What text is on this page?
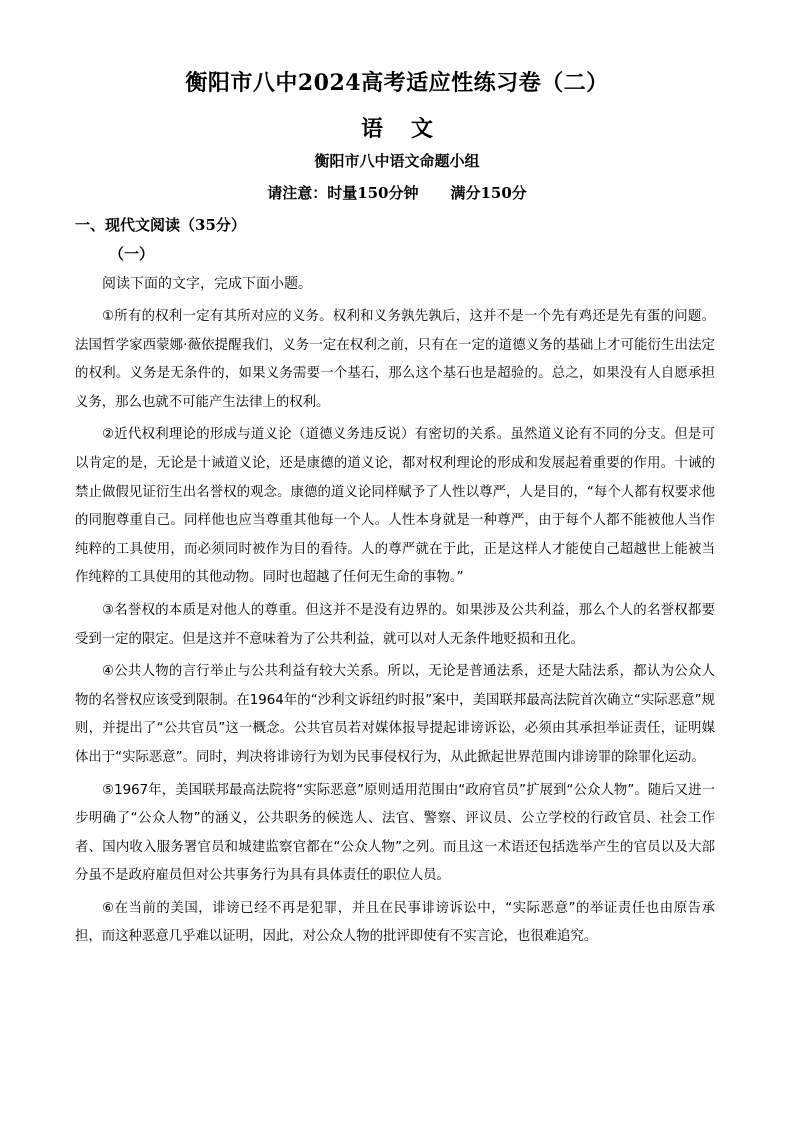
衡阳市八中2024高考适应性练习卷（二）
语文
衡阳市八中语文命题小组
请注意：时量150分钟 满分150分
一、现代文阅读（35分）
（一）
阅读下面的文字，完成下面小题。

①所有的权利一定有其所对应的义务。权利和义务孰先孰后，这并不是一个先有鸡还是先有蛋的问题。法国哲学家西蒙娜·薇依提醒我们，义务一定在权利之前，只有在一定的道德义务的基础上才可能衍生出法定的权利。义务是无条件的，如果义务需要一个基石，那么这个基石也是超验的。总之，如果没有人自愿承担义务，那么也就不可能产生法律上的权利。

②近代权利理论的形成与道义论（道德义务违反说）有密切的关系。虽然道义论有不同的分支。但是可以肯定的是，无论是十诫道义论，还是康德的道义论，都对权利理论的形成和发展起着重要的作用。十诫的禁止做假见证衍生出名誉权的观念。康德的道义论同样赋予了人性以尊严，人是目的，“每个人都有权要求他的同胞尊重自己。同样他也应当尊重其他每一个人。人性本身就是一种尊严，由于每个人都不能被他人当作纯粹的工具使用，而必须同时被作为目的看待。人的尊严就在于此，正是这样人才能使自己超越世上能被当作纯粹的工具使用的其他动物。同时也超越了任何无生命的事物。”

③名誉权的本质是对他人的尊重。但这并不是没有边界的。如果涉及公共利益，那么个人的名誉权都要受到一定的限定。但是这并不意味着为了公共利益，就可以对人无条件地贬损和丑化。

④公共人物的言行举止与公共利益有较大关系。所以，无论是普通法系，还是大陆法系，都认为公众人物的名誉权应该受到限制。在1964年的“沙利文诉纽约时报”案中，美国联邦最高法院首次确立“实际恶意”规则，并提出了“公共官员”这一概念。公共官员若对媒体报导提起诽谤诉讼，必须由其承担举证责任，证明媒体出于“实际恶意”。同时，判决将诽谤行为划为民事侵权行为，从此掀起世界范围内诽谤罪的除罪化运动。

⑤1967年，美国联邦最高法院将“实际恶意”原则适用范围由“政府官员”扩展到“公众人物”。随后又进一步明确了“公众人物”的涵义，公共职务的候选人、法官、警察、评议员、公立学校的行政官员、社会工作者、国内收入服务署官员和城建监察官都在“公众人物”之列。而且这一术语还包括选举产生的官员以及大部分虽不是政府雇员但对公共事务行为具有具体责任的职位人员。

⑥在当前的美国，诽谤已经不再是犯罪，并且在民事诽谤诉讼中，“实际恶意”的举证责任也由原告承担，而这种恶意几乎难以证明，因此，对公众人物的批评即使有不实言论，也很难追究。
